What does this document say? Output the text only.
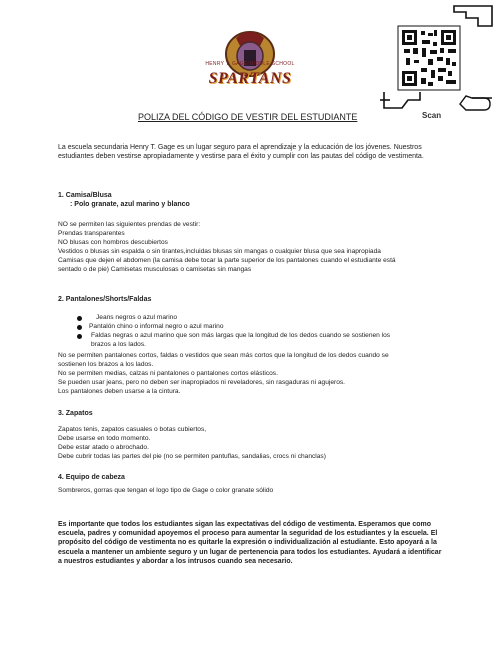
HENRY T. GAGE MIDDLE SCHOOL
SPARTANS
Scan
POLIZA DEL CÓDIGO DE VESTIR DEL ESTUDIANTE
La escuela secundaria Henry T. Gage es un lugar seguro para el aprendizaje y la educación de los jóvenes. Nuestros estudiantes deben vestirse apropiadamente y vestirse para el éxito y cumplir con las pautas del código de vestimenta.
1. Camisa/Blusa
: Polo granate, azul marino y blanco
NO se permiten las siguientes prendas de vestir:
Prendas transparentes
NO blusas con hombros descubiertos
Vestidos o blusas sin espalda o sin tirantes,incluidas blusas sin mangas o cualquier blusa que sea inapropiada
Camisas que dejen el abdomen (la camisa debe tocar la parte superior de los pantalones cuando el estudiante está
sentado o de pie) Camisetas musculosas o camisetas sin mangas
2. Pantalones/Shorts/Faldas
Jeans negros o azul marino
Pantalón chino o informal negro o azul marino
Faldas negras o azul marino que son más largas que la longitud de los dedos cuando se sostienen los
brazos a los lados.
No se permiten pantalones cortos, faldas o vestidos que sean más cortos que la longitud de los dedos cuando se
sostienen los brazos a los lados.
No se permiten medias, calzas ni pantalones o pantalones cortos elásticos.
Se pueden usar jeans, pero no deben ser inapropiados ni reveladores, sin rasgaduras ni agujeros.
Los pantalones deben usarse a la cintura.
3. Zapatos
Zapatos tenis, zapatos casuales o botas cubiertos,
Debe usarse en todo momento.
Debe estar atado o abrochado.
Debe cubrir todas las partes del pie (no se permiten pantuflas, sandalias, crocs ni chanclas)
4. Equipo de cabeza
Sombreros, gorras que tengan el logo tipo de Gage o color granate sólido
Es importante que todos los estudiantes sigan las expectativas del código de vestimenta. Esperamos que como escuela, padres y comunidad apoyemos el proceso para aumentar la seguridad de los estudiantes y la escuela. El propósito del código de vestimenta no es quitarle la expresión o individualización al estudiante. Esto apoyará a la escuela a mantener un ambiente seguro y un lugar de pertenencia para todos los estudiantes. Ayudará a identificar a nuestros estudiantes y abordar a los intrusos cuando sea necesario.
